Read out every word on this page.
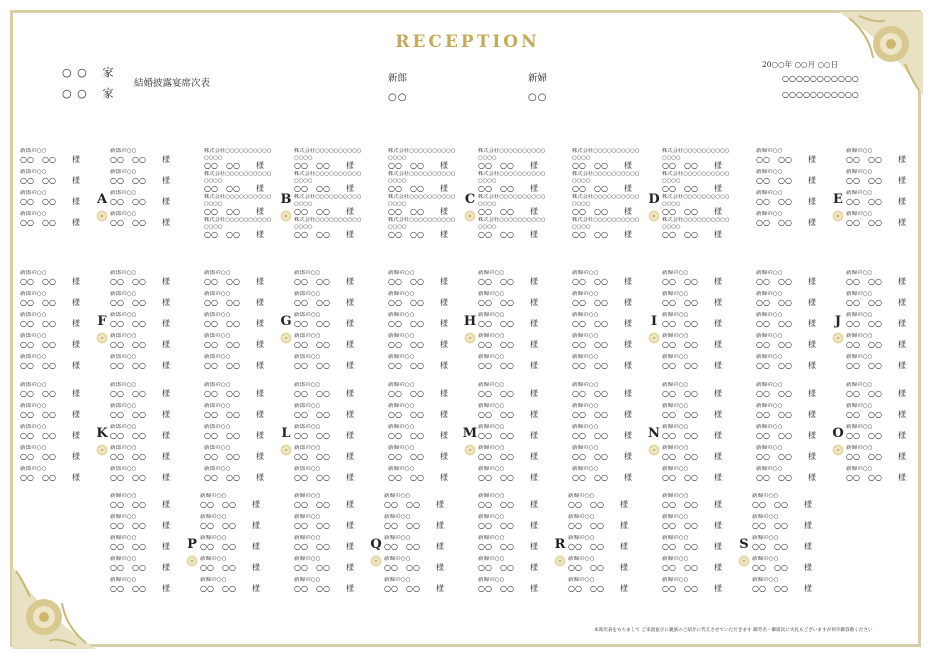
RECEPTION
○ ○ 家
○ ○ 家
結婚披露宴席次表	新郎
○○
新婦
○○
20○○年 ○○月 ○○日
○○○○○○○○○○○
○○○○○○○○○○○
新郎の○○
○○ ○○ 様
新郎の○○
○○ ○○ 様
新郎の○○
○○ ○○ 様
新郎の○○
○○ ○○ 様
新郎の○○
○○ ○○ 様
新郎の○○
○○ ○○ 様
新郎の○○
○○ ○○ 様
新郎の○○
○○ ○○ 様
A
株式会社○○○○○○○○○○○○○○
○○ ○○ 様
株式会社○○○○○○○○○○○○○○
○○ ○○ 様
株式会社○○○○○○○○○○○○○○
○○ ○○ 様
株式会社○○○○○○○○○○○○○○
○○ ○○ 様
株式会社○○○○○○○○○○○○○○
○○ ○○ 様
株式会社○○○○○○○○○○○○○○
○○ ○○ 様
株式会社○○○○○○○○○○○○○○
○○ ○○ 様
株式会社○○○○○○○○○○○○○○
○○ ○○ 様
B
株式会社○○○○○○○○○○○○○○
○○ ○○ 様
株式会社○○○○○○○○○○○○○○
○○ ○○ 様
株式会社○○○○○○○○○○○○○○
○○ ○○ 様
株式会社○○○○○○○○○○○○○○
○○ ○○ 様
株式会社○○○○○○○○○○○○○○
○○ ○○ 様
株式会社○○○○○○○○○○○○○○
○○ ○○ 様
株式会社○○○○○○○○○○○○○○
○○ ○○ 様
株式会社○○○○○○○○○○○○○○
○○ ○○ 様
C
株式会社○○○○○○○○○○○○○○
○○ ○○ 様
株式会社○○○○○○○○○○○○○○
○○ ○○ 様
株式会社○○○○○○○○○○○○○○
○○ ○○ 様
株式会社○○○○○○○○○○○○○○
○○ ○○ 様
株式会社○○○○○○○○○○○○○○
○○ ○○ 様
株式会社○○○○○○○○○○○○○○
○○ ○○ 様
株式会社○○○○○○○○○○○○○○
○○ ○○ 様
株式会社○○○○○○○○○○○○○○
○○ ○○ 様
D
新婦の○○
○○ ○○ 様
新婦の○○
○○ ○○ 様
新婦の○○
○○ ○○ 様
新婦の○○
○○ ○○ 様
新婦の○○
○○ ○○ 様
新婦の○○
○○ ○○ 様
新婦の○○
○○ ○○ 様
新婦の○○
○○ ○○ 様
E
新郎の○○
○○ ○○ 様
新郎の○○
○○ ○○ 様
新郎の○○
○○ ○○ 様
新郎の○○
○○ ○○ 様
新郎の○○
○○ ○○ 様
新郎の○○
○○ ○○ 様
新郎の○○
○○ ○○ 様
新郎の○○
○○ ○○ 様
新郎の○○
○○ ○○ 様
新郎の○○
○○ ○○ 様
F
新郎の○○
○○ ○○ 様
新郎の○○
○○ ○○ 様
新郎の○○
○○ ○○ 様
新郎の○○
○○ ○○ 様
新郎の○○
○○ ○○ 様
新郎の○○
○○ ○○ 様
新郎の○○
○○ ○○ 様
新郎の○○
○○ ○○ 様
新郎の○○
○○ ○○ 様
新郎の○○
○○ ○○ 様
G
新婦の○○
○○ ○○ 様
新婦の○○
○○ ○○ 様
新婦の○○
○○ ○○ 様
新婦の○○
○○ ○○ 様
新婦の○○
○○ ○○ 様
新婦の○○
○○ ○○ 様
新婦の○○
○○ ○○ 様
新婦の○○
○○ ○○ 様
新婦の○○
○○ ○○ 様
新婦の○○
○○ ○○ 様
H
新婦の○○
○○ ○○ 様
新婦の○○
○○ ○○ 様
新婦の○○
○○ ○○ 様
新婦の○○
○○ ○○ 様
新婦の○○
○○ ○○ 様
新婦の○○
○○ ○○ 様
新婦の○○
○○ ○○ 様
新婦の○○
○○ ○○ 様
新婦の○○
○○ ○○ 様
新婦の○○
○○ ○○ 様
I
新婦の○○
○○ ○○ 様
新婦の○○
○○ ○○ 様
新婦の○○
○○ ○○ 様
新婦の○○
○○ ○○ 様
新婦の○○
○○ ○○ 様
新婦の○○
○○ ○○ 様
新婦の○○
○○ ○○ 様
新婦の○○
○○ ○○ 様
新婦の○○
○○ ○○ 様
新婦の○○
○○ ○○ 様
J
新郎の○○
○○ ○○ 様
新郎の○○
○○ ○○ 様
新郎の○○
○○ ○○ 様
新郎の○○
○○ ○○ 様
新郎の○○
○○ ○○ 様
新郎の○○
○○ ○○ 様
新郎の○○
○○ ○○ 様
新郎の○○
○○ ○○ 様
新郎の○○
○○ ○○ 様
新郎の○○
○○ ○○ 様
K
新郎の○○
○○ ○○ 様
新郎の○○
○○ ○○ 様
新郎の○○
○○ ○○ 様
新郎の○○
○○ ○○ 様
新郎の○○
○○ ○○ 様
新郎の○○
○○ ○○ 様
新郎の○○
○○ ○○ 様
新郎の○○
○○ ○○ 様
新郎の○○
○○ ○○ 様
新郎の○○
○○ ○○ 様
L
新婦の○○
○○ ○○ 様
新婦の○○
○○ ○○ 様
新婦の○○
○○ ○○ 様
新婦の○○
○○ ○○ 様
新婦の○○
○○ ○○ 様
新婦の○○
○○ ○○ 様
新婦の○○
○○ ○○ 様
新婦の○○
○○ ○○ 様
新婦の○○
○○ ○○ 様
新婦の○○
○○ ○○ 様
M
新婦の○○
○○ ○○ 様
新婦の○○
○○ ○○ 様
新婦の○○
○○ ○○ 様
新婦の○○
○○ ○○ 様
新婦の○○
○○ ○○ 様
新婦の○○
○○ ○○ 様
新婦の○○
○○ ○○ 様
新婦の○○
○○ ○○ 様
新婦の○○
○○ ○○ 様
新婦の○○
○○ ○○ 様
N
新婦の○○
○○ ○○ 様
新婦の○○
○○ ○○ 様
新婦の○○
○○ ○○ 様
新婦の○○
○○ ○○ 様
新婦の○○
○○ ○○ 様
新婦の○○
○○ ○○ 様
新婦の○○
○○ ○○ 様
新婦の○○
○○ ○○ 様
新婦の○○
○○ ○○ 様
新婦の○○
○○ ○○ 様
O
新婦の○○
○○ ○○ 様
新婦の○○
○○ ○○ 様
新婦の○○
○○ ○○ 様
新婦の○○
○○ ○○ 様
新婦の○○
○○ ○○ 様
新婦の○○
○○ ○○ 様
新婦の○○
○○ ○○ 様
新婦の○○
○○ ○○ 様
新婦の○○
○○ ○○ 様
新婦の○○
○○ ○○ 様
P
新婦の○○
○○ ○○ 様
新婦の○○
○○ ○○ 様
新婦の○○
○○ ○○ 様
新婦の○○
○○ ○○ 様
新婦の○○
○○ ○○ 様
新婦の○○
○○ ○○ 様
新婦の○○
○○ ○○ 様
新婦の○○
○○ ○○ 様
新婦の○○
○○ ○○ 様
新婦の○○
○○ ○○ 様
Q
新婦の○○
○○ ○○ 様
新婦の○○
○○ ○○ 様
新婦の○○
○○ ○○ 様
新婦の○○
○○ ○○ 様
新婦の○○
○○ ○○ 様
新婦の○○
○○ ○○ 様
新婦の○○
○○ ○○ 様
新婦の○○
○○ ○○ 様
新婦の○○
○○ ○○ 様
新婦の○○
○○ ○○ 様
R
新婦の○○
○○ ○○ 様
新婦の○○
○○ ○○ 様
新婦の○○
○○ ○○ 様
新婦の○○
○○ ○○ 様
新婦の○○
○○ ○○ 様
新婦の○○
○○ ○○ 様
新婦の○○
○○ ○○ 様
新婦の○○
○○ ○○ 様
新婦の○○
○○ ○○ 様
新婦の○○
○○ ○○ 様
S
本席次表をもちまして ご来賓並びに親族のご紹介に代えさせていただきます 御芳名・御席次に失礼もございますが何卒御容赦ください
